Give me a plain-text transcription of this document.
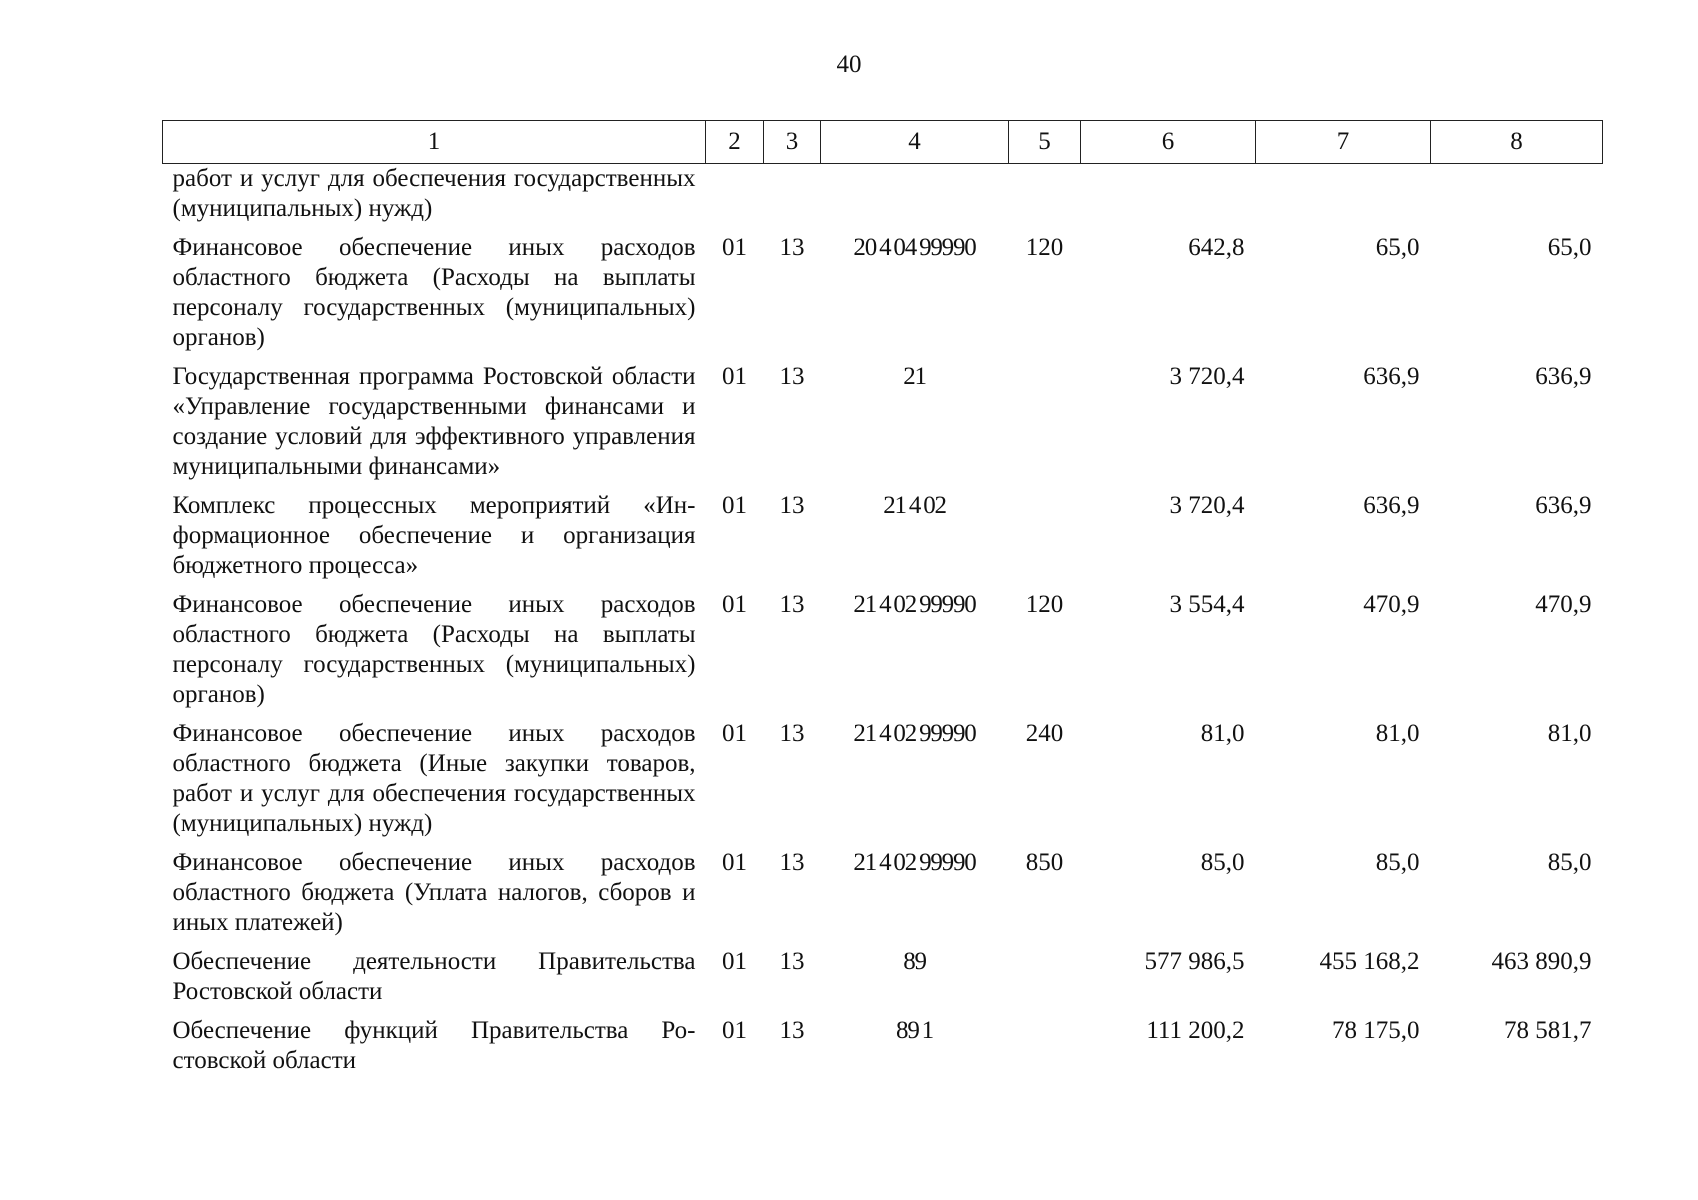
40
1	2	3	4	5	6	7	8
работ и услуг для обеспечения государственных (муниципальных) нужд)							
Финансовое обеспечение иных расходов областного бюджета (Расходы на выплаты персоналу государственных (муниципальных) органов)	01	13	20 4 04 99990	120	642,8	65,0	65,0
Государственная программа Ростовской области «Управление государственными финансами и создание условий для эффективного управления муниципальными финансами»	01	13	21		3 720,4	636,9	636,9
Комплекс процессных мероприятий «Информационное обеспечение и организация бюджетного процесса»	01	13	21 4 02		3 720,4	636,9	636,9
Финансовое обеспечение иных расходов областного бюджета (Расходы на выплаты персоналу государственных (муниципальных) органов)	01	13	21 4 02 99990	120	3 554,4	470,9	470,9
Финансовое обеспечение иных расходов областного бюджета (Иные закупки товаров, работ и услуг для обеспечения государственных (муниципальных) нужд)	01	13	21 4 02 99990	240	81,0	81,0	81,0
Финансовое обеспечение иных расходов областного бюджета (Уплата налогов, сборов и иных платежей)	01	13	21 4 02 99990	850	85,0	85,0	85,0
Обеспечение деятельности Правительства Ростовской области	01	13	89		577 986,5	455 168,2	463 890,9
Обеспечение функций Правительства Ростовской области	01	13	89 1		111 200,2	78 175,0	78 581,7
